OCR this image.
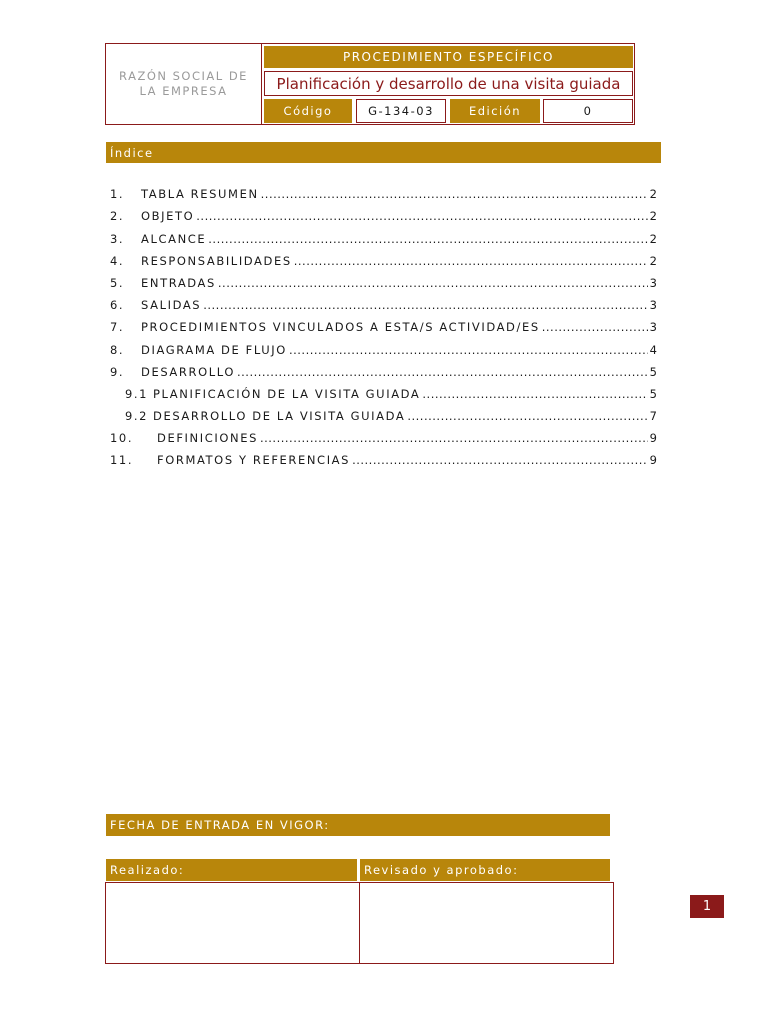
RAZÓN SOCIAL DE LA EMPRESA
PROCEDIMIENTO ESPECÍFICO
Planificación y desarrollo de una visita guiada
Código	G-134-03	Edición	0
Índice
1.	TABLA RESUMEN .....	2
2.	OBJETO .....	2
3.	ALCANCE .....	2
4.	RESPONSABILIDADES .....	2
5.	ENTRADAS .....	3
6.	SALIDAS .....	3
7.	PROCEDIMIENTOS VINCULADOS A ESTA/S ACTIVIDAD/ES .....	3
8.	DIAGRAMA DE FLUJO .....	4
9.	DESARROLLO .....	5
9.1 PLANIFICACIÓN DE LA VISITA GUIADA .....	5
9.2 DESARROLLO DE LA VISITA GUIADA .....	7
10.	DEFINICIONES .....	9
11.	FORMATOS Y REFERENCIAS .....	9
FECHA DE ENTRADA EN VIGOR:
Realizado:	Revisado y aprobado:
1
